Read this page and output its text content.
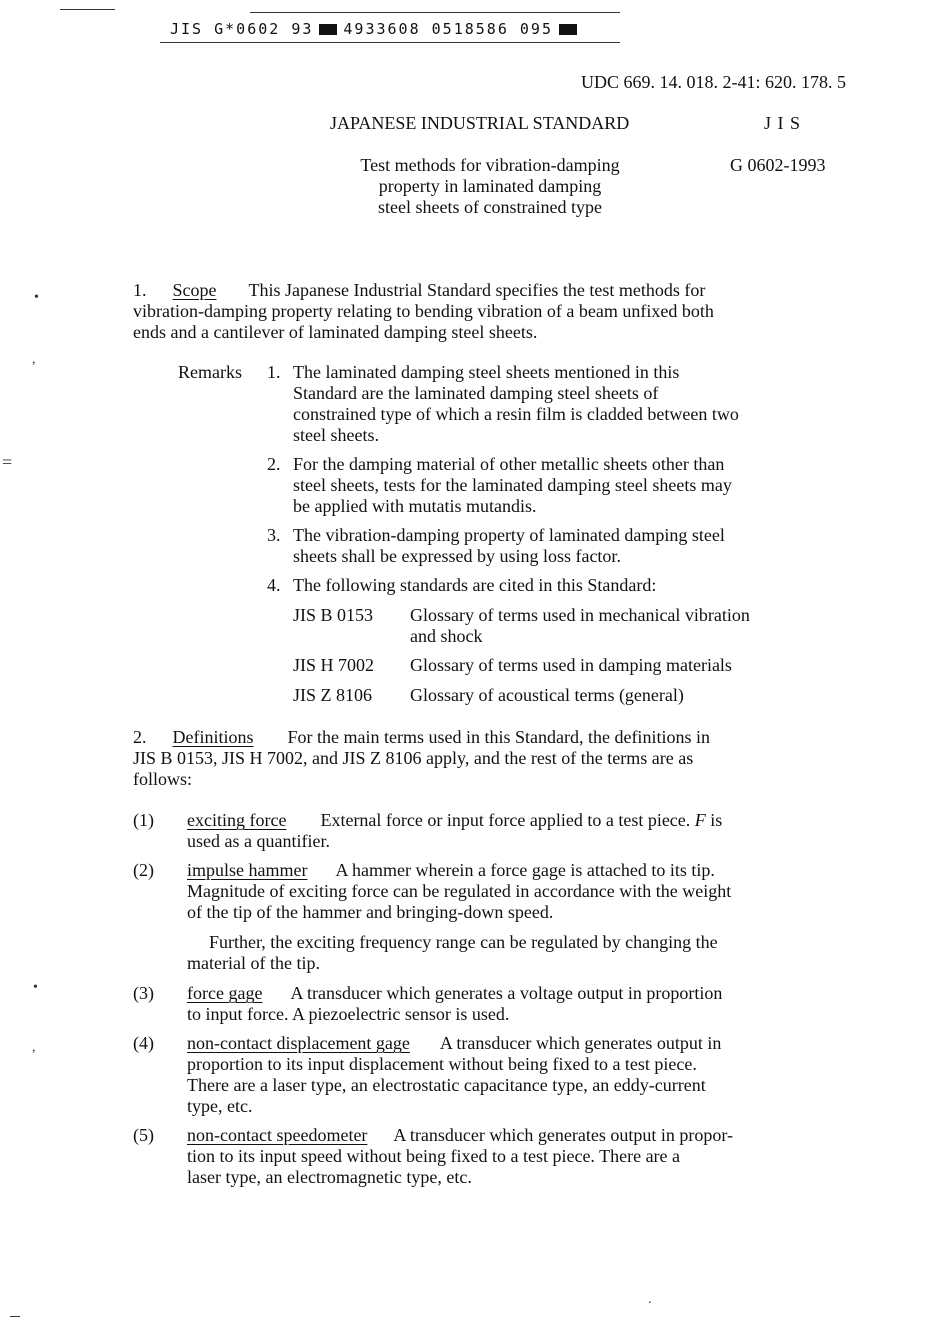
JIS G*0602 93 4933608 0518586 095
UDC 669. 14. 018. 2-41: 620. 178. 5
JAPANESE INDUSTRIAL STANDARD	J I S
Test methods for vibration-damping
property in laminated damping
steel sheets of constrained type
G 0602-1993
1. Scope This Japanese Industrial Standard specifies the test methods for
vibration-damping property relating to bending vibration of a beam unfixed both
ends and a cantilever of laminated damping steel sheets.
Remarks 1. The laminated damping steel sheets mentioned in this
Standard are the laminated damping steel sheets of
constrained type of which a resin film is cladded between two
steel sheets.
2. For the damping material of other metallic sheets other than
steel sheets, tests for the laminated damping steel sheets may
be applied with mutatis mutandis.
3. The vibration-damping property of laminated damping steel
sheets shall be expressed by using loss factor.
4. The following standards are cited in this Standard:
JIS B 0153 Glossary of terms used in mechanical vibration
and shock
JIS H 7002 Glossary of terms used in damping materials
JIS Z 8106 Glossary of acoustical terms (general)
2. Definitions For the main terms used in this Standard, the definitions in
JIS B 0153, JIS H 7002, and JIS Z 8106 apply, and the rest of the terms are as
follows:
(1) exciting force External force or input force applied to a test piece. F is
used as a quantifier.
(2) impulse hammer A hammer wherein a force gage is attached to its tip.
Magnitude of exciting force can be regulated in accordance with the weight
of the tip of the hammer and bringing-down speed.
Further, the exciting frequency range can be regulated by changing the
material of the tip.
(3) force gage A transducer which generates a voltage output in proportion
to input force. A piezoelectric sensor is used.
(4) non-contact displacement gage A transducer which generates output in
proportion to its input displacement without being fixed to a test piece.
There are a laser type, an electrostatic capacitance type, an eddy-current
type, etc.
(5) non-contact speedometer A transducer which generates output in propor-
tion to its input speed without being fixed to a test piece. There are a
laser type, an electromagnetic type, etc.
•
,
=
•
,
.
